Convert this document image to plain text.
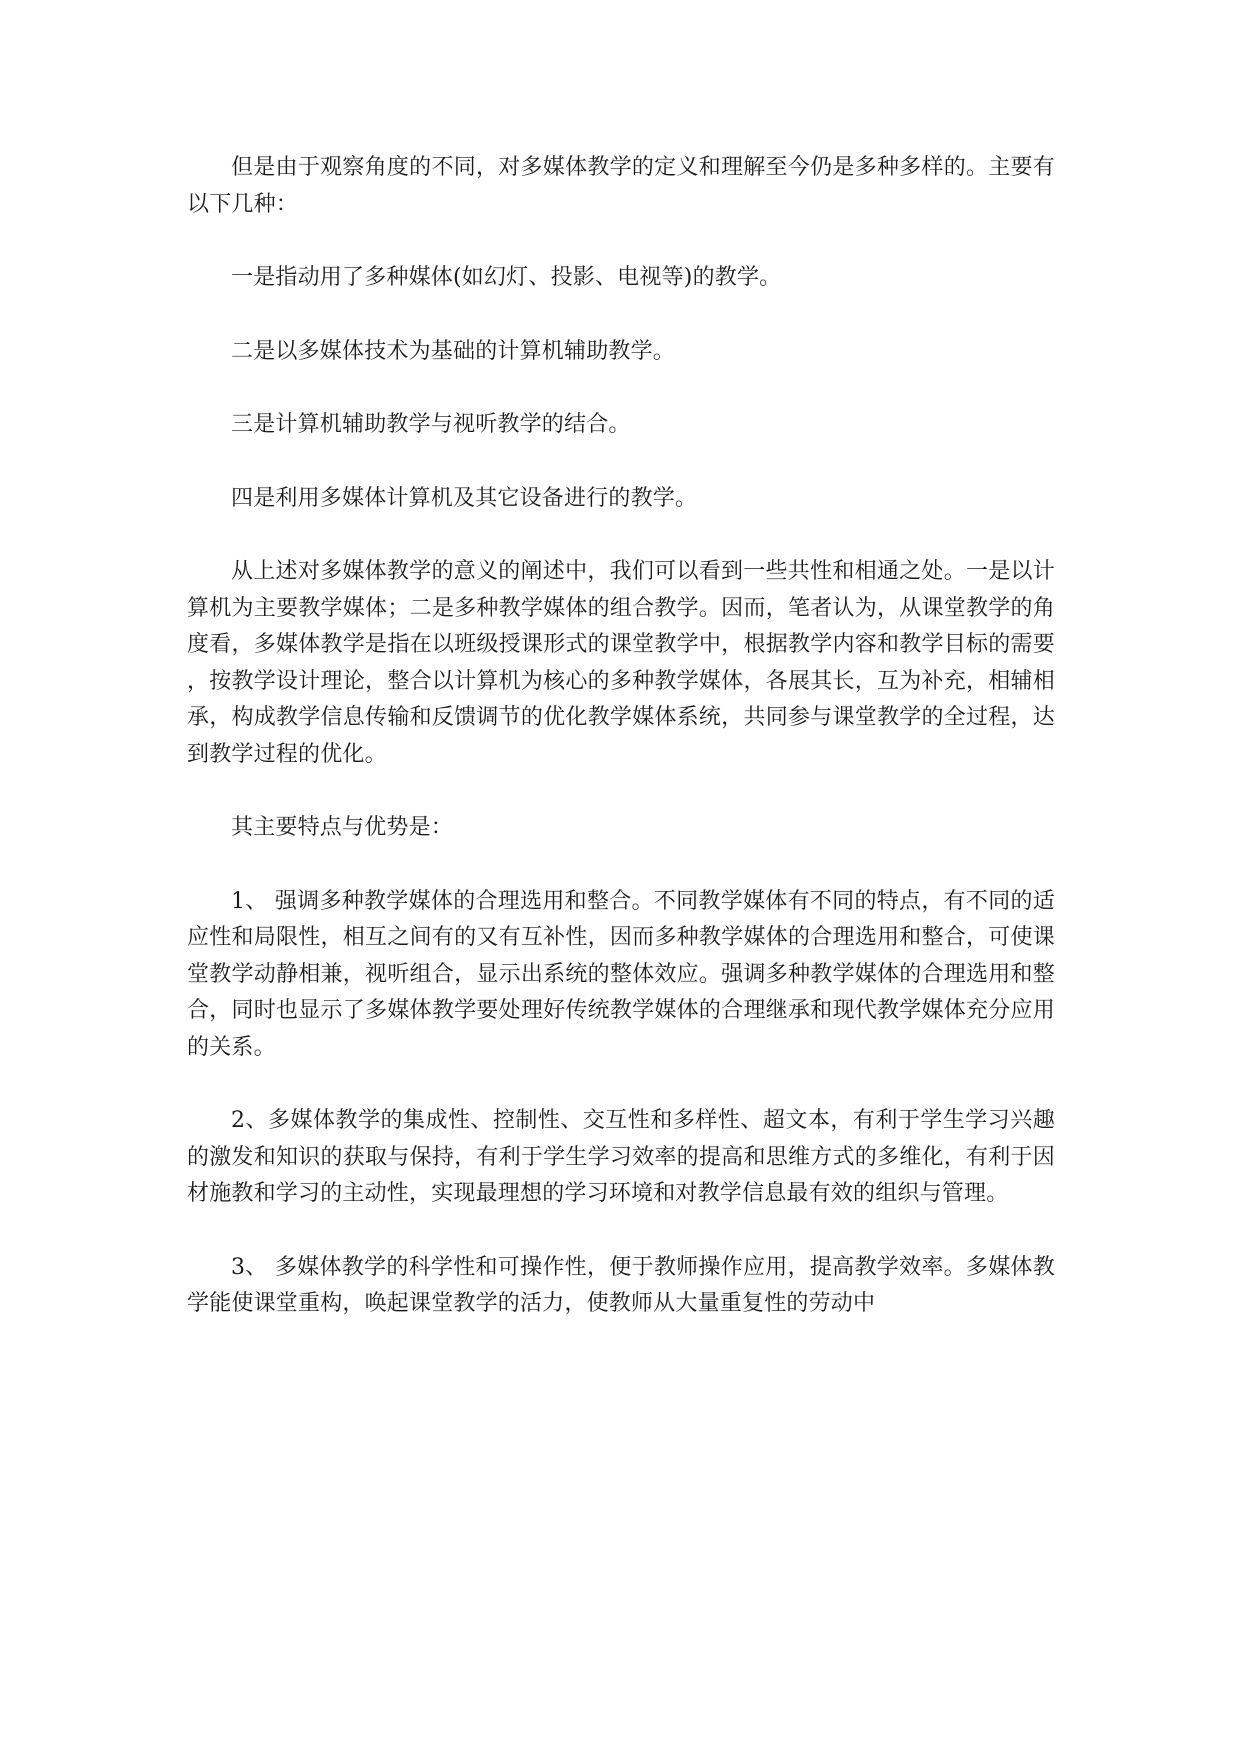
但是由于观察角度的不同，对多媒体教学的定义和理解至今仍是多种多样的。主要有以下几种：

一是指动用了多种媒体(如幻灯、投影、电视等)的教学。

二是以多媒体技术为基础的计算机辅助教学。

三是计算机辅助教学与视听教学的结合。

四是利用多媒体计算机及其它设备进行的教学。

从上述对多媒体教学的意义的阐述中，我们可以看到一些共性和相通之处。一是以计算机为主要教学媒体；二是多种教学媒体的组合教学。因而，笔者认为，从课堂教学的角度看，多媒体教学是指在以班级授课形式的课堂教学中，根据教学内容和教学目标的需要，按教学设计理论，整合以计算机为核心的多种教学媒体，各展其长，互为补充，相辅相承，构成教学信息传输和反馈调节的优化教学媒体系统，共同参与课堂教学的全过程，达到教学过程的优化。

其主要特点与优势是：

1、 强调多种教学媒体的合理选用和整合。不同教学媒体有不同的特点，有不同的适应性和局限性，相互之间有的又有互补性，因而多种教学媒体的合理选用和整合，可使课堂教学动静相兼，视听组合，显示出系统的整体效应。强调多种教学媒体的合理选用和整合，同时也显示了多媒体教学要处理好传统教学媒体的合理继承和现代教学媒体充分应用的关系。

2、多媒体教学的集成性、控制性、交互性和多样性、超文本，有利于学生学习兴趣的激发和知识的获取与保持，有利于学生学习效率的提高和思维方式的多维化，有利于因材施教和学习的主动性，实现最理想的学习环境和对教学信息最有效的组织与管理。

3、 多媒体教学的科学性和可操作性，便于教师操作应用，提高教学效率。多媒体教学能使课堂重构，唤起课堂教学的活力，使教师从大量重复性的劳动中
